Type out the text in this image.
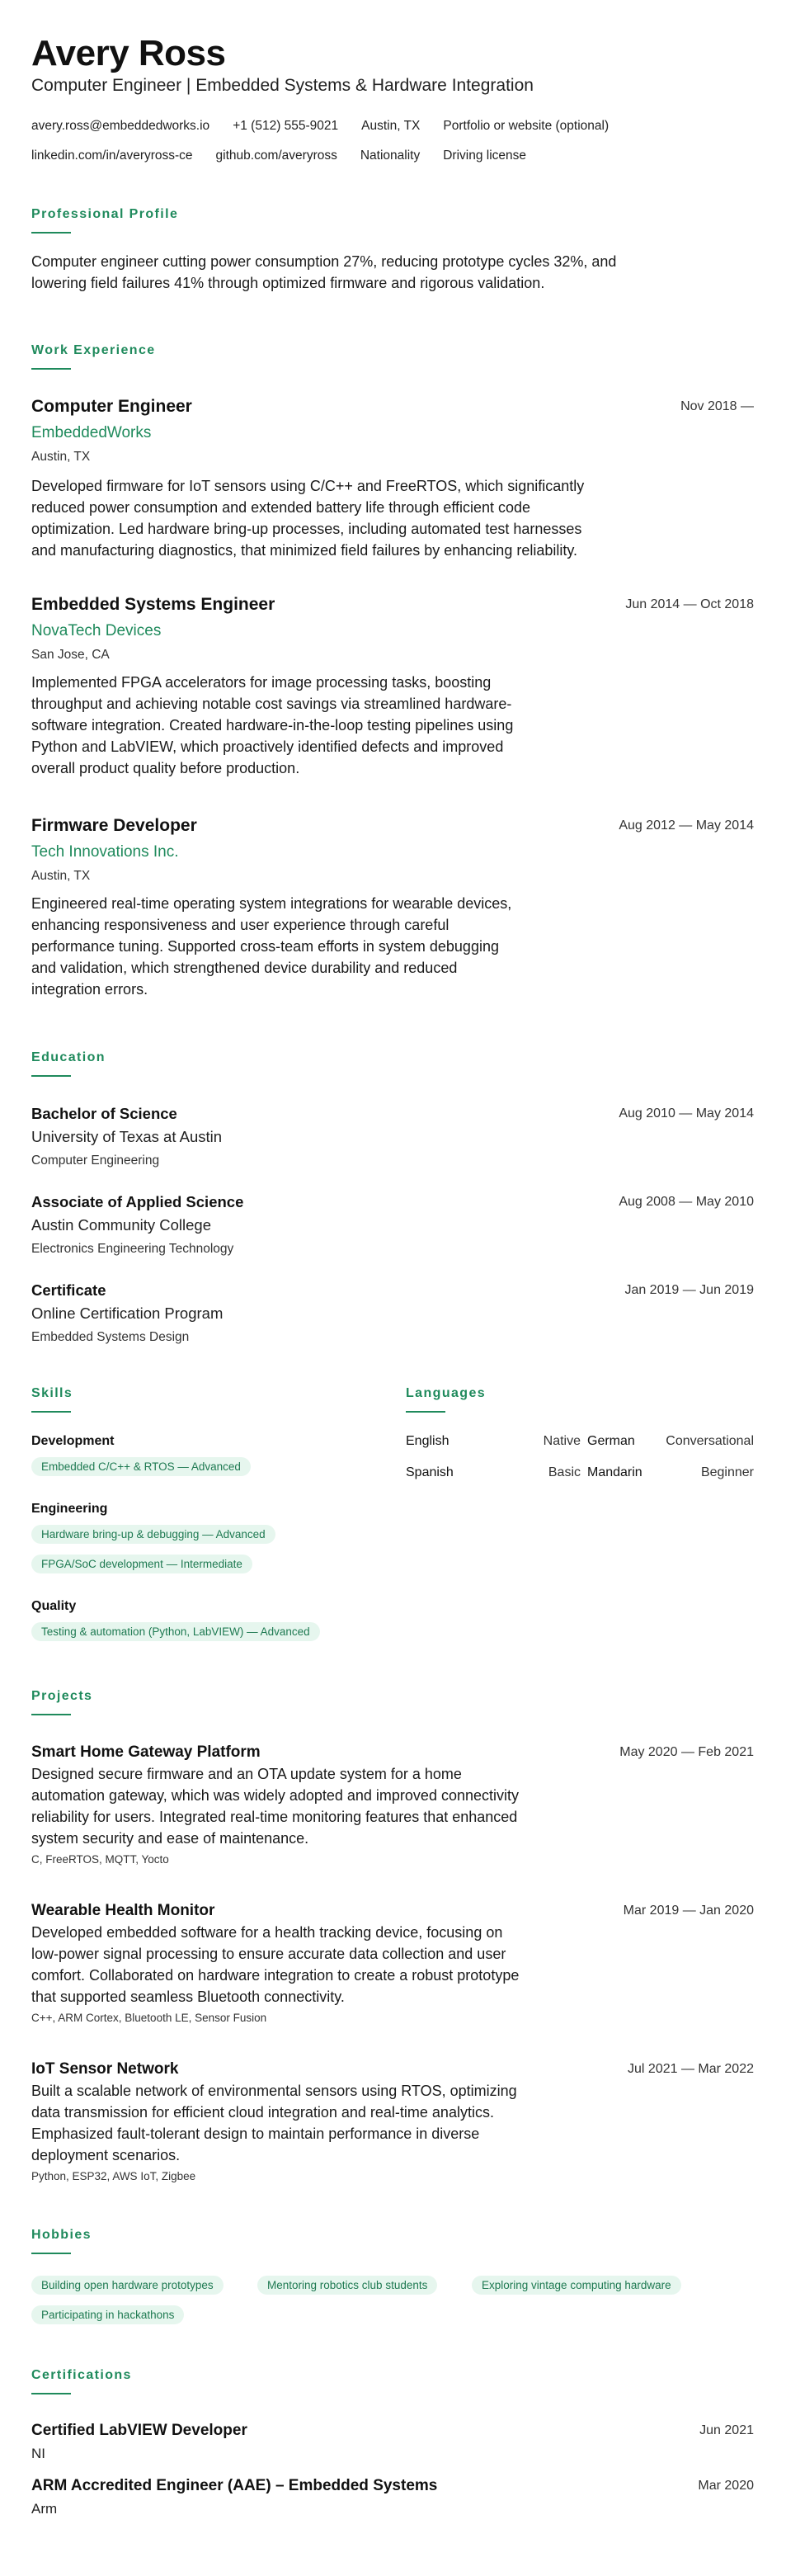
Avery Ross
Computer Engineer | Embedded Systems & Hardware Integration
avery.ross@embeddedworks.io +1 (512) 555-9021 Austin, TX Portfolio or website (optional)
linkedin.com/in/averyross-ce github.com/averyross Nationality Driving license
Professional Profile
Computer engineer cutting power consumption 27%, reducing prototype cycles 32%, and
lowering field failures 41% through optimized firmware and rigorous validation.
Work Experience
Computer Engineer	Nov 2018 —
EmbeddedWorks
Austin, TX
Developed firmware for IoT sensors using C/C++ and FreeRTOS, which significantly
reduced power consumption and extended battery life through efficient code
optimization. Led hardware bring-up processes, including automated test harnesses
and manufacturing diagnostics, that minimized field failures by enhancing reliability.
Embedded Systems Engineer	Jun 2014 — Oct 2018
NovaTech Devices
San Jose, CA
Implemented FPGA accelerators for image processing tasks, boosting
throughput and achieving notable cost savings via streamlined hardware-
software integration. Created hardware-in-the-loop testing pipelines using
Python and LabVIEW, which proactively identified defects and improved
overall product quality before production.
Firmware Developer	Aug 2012 — May 2014
Tech Innovations Inc.
Austin, TX
Engineered real-time operating system integrations for wearable devices,
enhancing responsiveness and user experience through careful
performance tuning. Supported cross-team efforts in system debugging
and validation, which strengthened device durability and reduced
integration errors.
Education
Bachelor of Science	Aug 2010 — May 2014
University of Texas at Austin
Computer Engineering
Associate of Applied Science	Aug 2008 — May 2010
Austin Community College
Electronics Engineering Technology
Certificate	Jan 2019 — Jun 2019
Online Certification Program
Embedded Systems Design
Skills
Development
Embedded C/C++ & RTOS — Advanced
Engineering
Hardware bring-up & debugging — Advanced
FPGA/SoC development — Intermediate
Quality
Testing & automation (Python, LabVIEW) — Advanced
Languages
English	Native German	Conversational
Spanish	Basic Mandarin	Beginner
Projects
Smart Home Gateway Platform	May 2020 — Feb 2021
Designed secure firmware and an OTA update system for a home
automation gateway, which was widely adopted and improved connectivity
reliability for users. Integrated real-time monitoring features that enhanced
system security and ease of maintenance.
C, FreeRTOS, MQTT, Yocto
Wearable Health Monitor	Mar 2019 — Jan 2020
Developed embedded software for a health tracking device, focusing on
low-power signal processing to ensure accurate data collection and user
comfort. Collaborated on hardware integration to create a robust prototype
that supported seamless Bluetooth connectivity.
C++, ARM Cortex, Bluetooth LE, Sensor Fusion
IoT Sensor Network	Jul 2021 — Mar 2022
Built a scalable network of environmental sensors using RTOS, optimizing
data transmission for efficient cloud integration and real-time analytics.
Emphasized fault-tolerant design to maintain performance in diverse
deployment scenarios.
Python, ESP32, AWS IoT, Zigbee
Hobbies
Building open hardware prototypes	Mentoring robotics club students	Exploring vintage computing hardware
Participating in hackathons
Certifications
Certified LabVIEW Developer	Jun 2021
NI
ARM Accredited Engineer (AAE) – Embedded Systems	Mar 2020
Arm
